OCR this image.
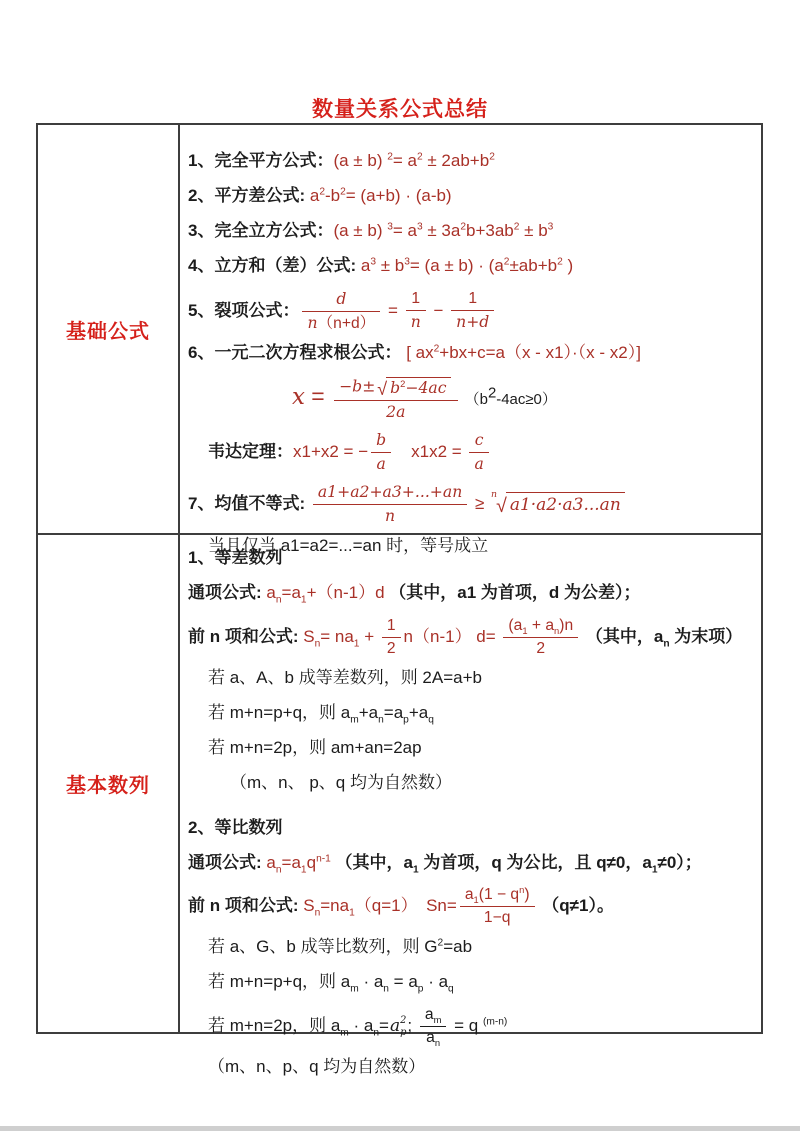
数量关系公式总结
基础公式
1、完全平方公式：(a ± b) $^2= a^2 \pm 2ab+b^2$
2、平方差公式: $a^2-b^2= (a+b) \cdot (a-b)$
3、完全立方公式：(a ± b) $^3= a^3 \pm 3a^2b+3ab^2 \pm b^3$
4、立方和（差）公式: $a^3 \pm b^3= (a \pm b) \cdot (a^2\pm ab+b^2$ )
5、裂项公式： $\frac{d}{n(n+d)} = \frac{1}{n} - \frac{1}{n+d}$
6、一元二次方程求根公式： [ $ax^2+bx+c=a(x - x1)\cdot(x - x2)$]
$x = \frac{-b\pm √ b^2-4ac}{2a} (b^2-4ac\ge 0)$
韦达定理：x1+x2 = − $\frac{b}{a}$ 　$x1x2 = \frac{c}{a}$
7、均值不等式: $\frac{a1+a2+a3+...+an}{n} \ge n$
√ a1·a2·a3...an
当且仅当 a1=a2=...=an 时，等号成立
基本数列
1、等差数列
通项公式: $a_n=a_1+(n-1)d$ （其中，a1 为首项，d 为公差）；
前 n 项和公式: $S_n= na_1 + \frac{1}{2} n(n-1)$ $d= \frac{(a_1 + a_n)n}{2}$ （其中，$a_n$ 为末项）
若 a、A、b 成等差数列，则 2A=a+b
若 m+n=p+q，则 $a_m+a_n=a_p+a_q$
若 m+n=2p，则 am+an=2ap
（m、n、 p、q 均为自然数）
2、等比数列
通项公式: $a_n=a_1q^{n-1}$ （其中，$a_1$ 为首项，q 为公比，且 q≠0，$a_1\ne 0$）；
前 n 项和公式: $S_n=na_1(q=1)$　$Sn= \frac{a_1(1 - q^n)}{1-q} (q\ne 1)$。
若 a、G、b 成等比数列，则 $G^2=ab$
若 m+n=p+q，则 $a_m \cdot a_n = a_p \cdot a_q$
若 m+n=2p，则 $a_m \cdot a_n= a$ 2
p ; $\frac{a_m}{a_n} = q$ $^{(m-n)}$
（m、n、p、q 均为自然数）
